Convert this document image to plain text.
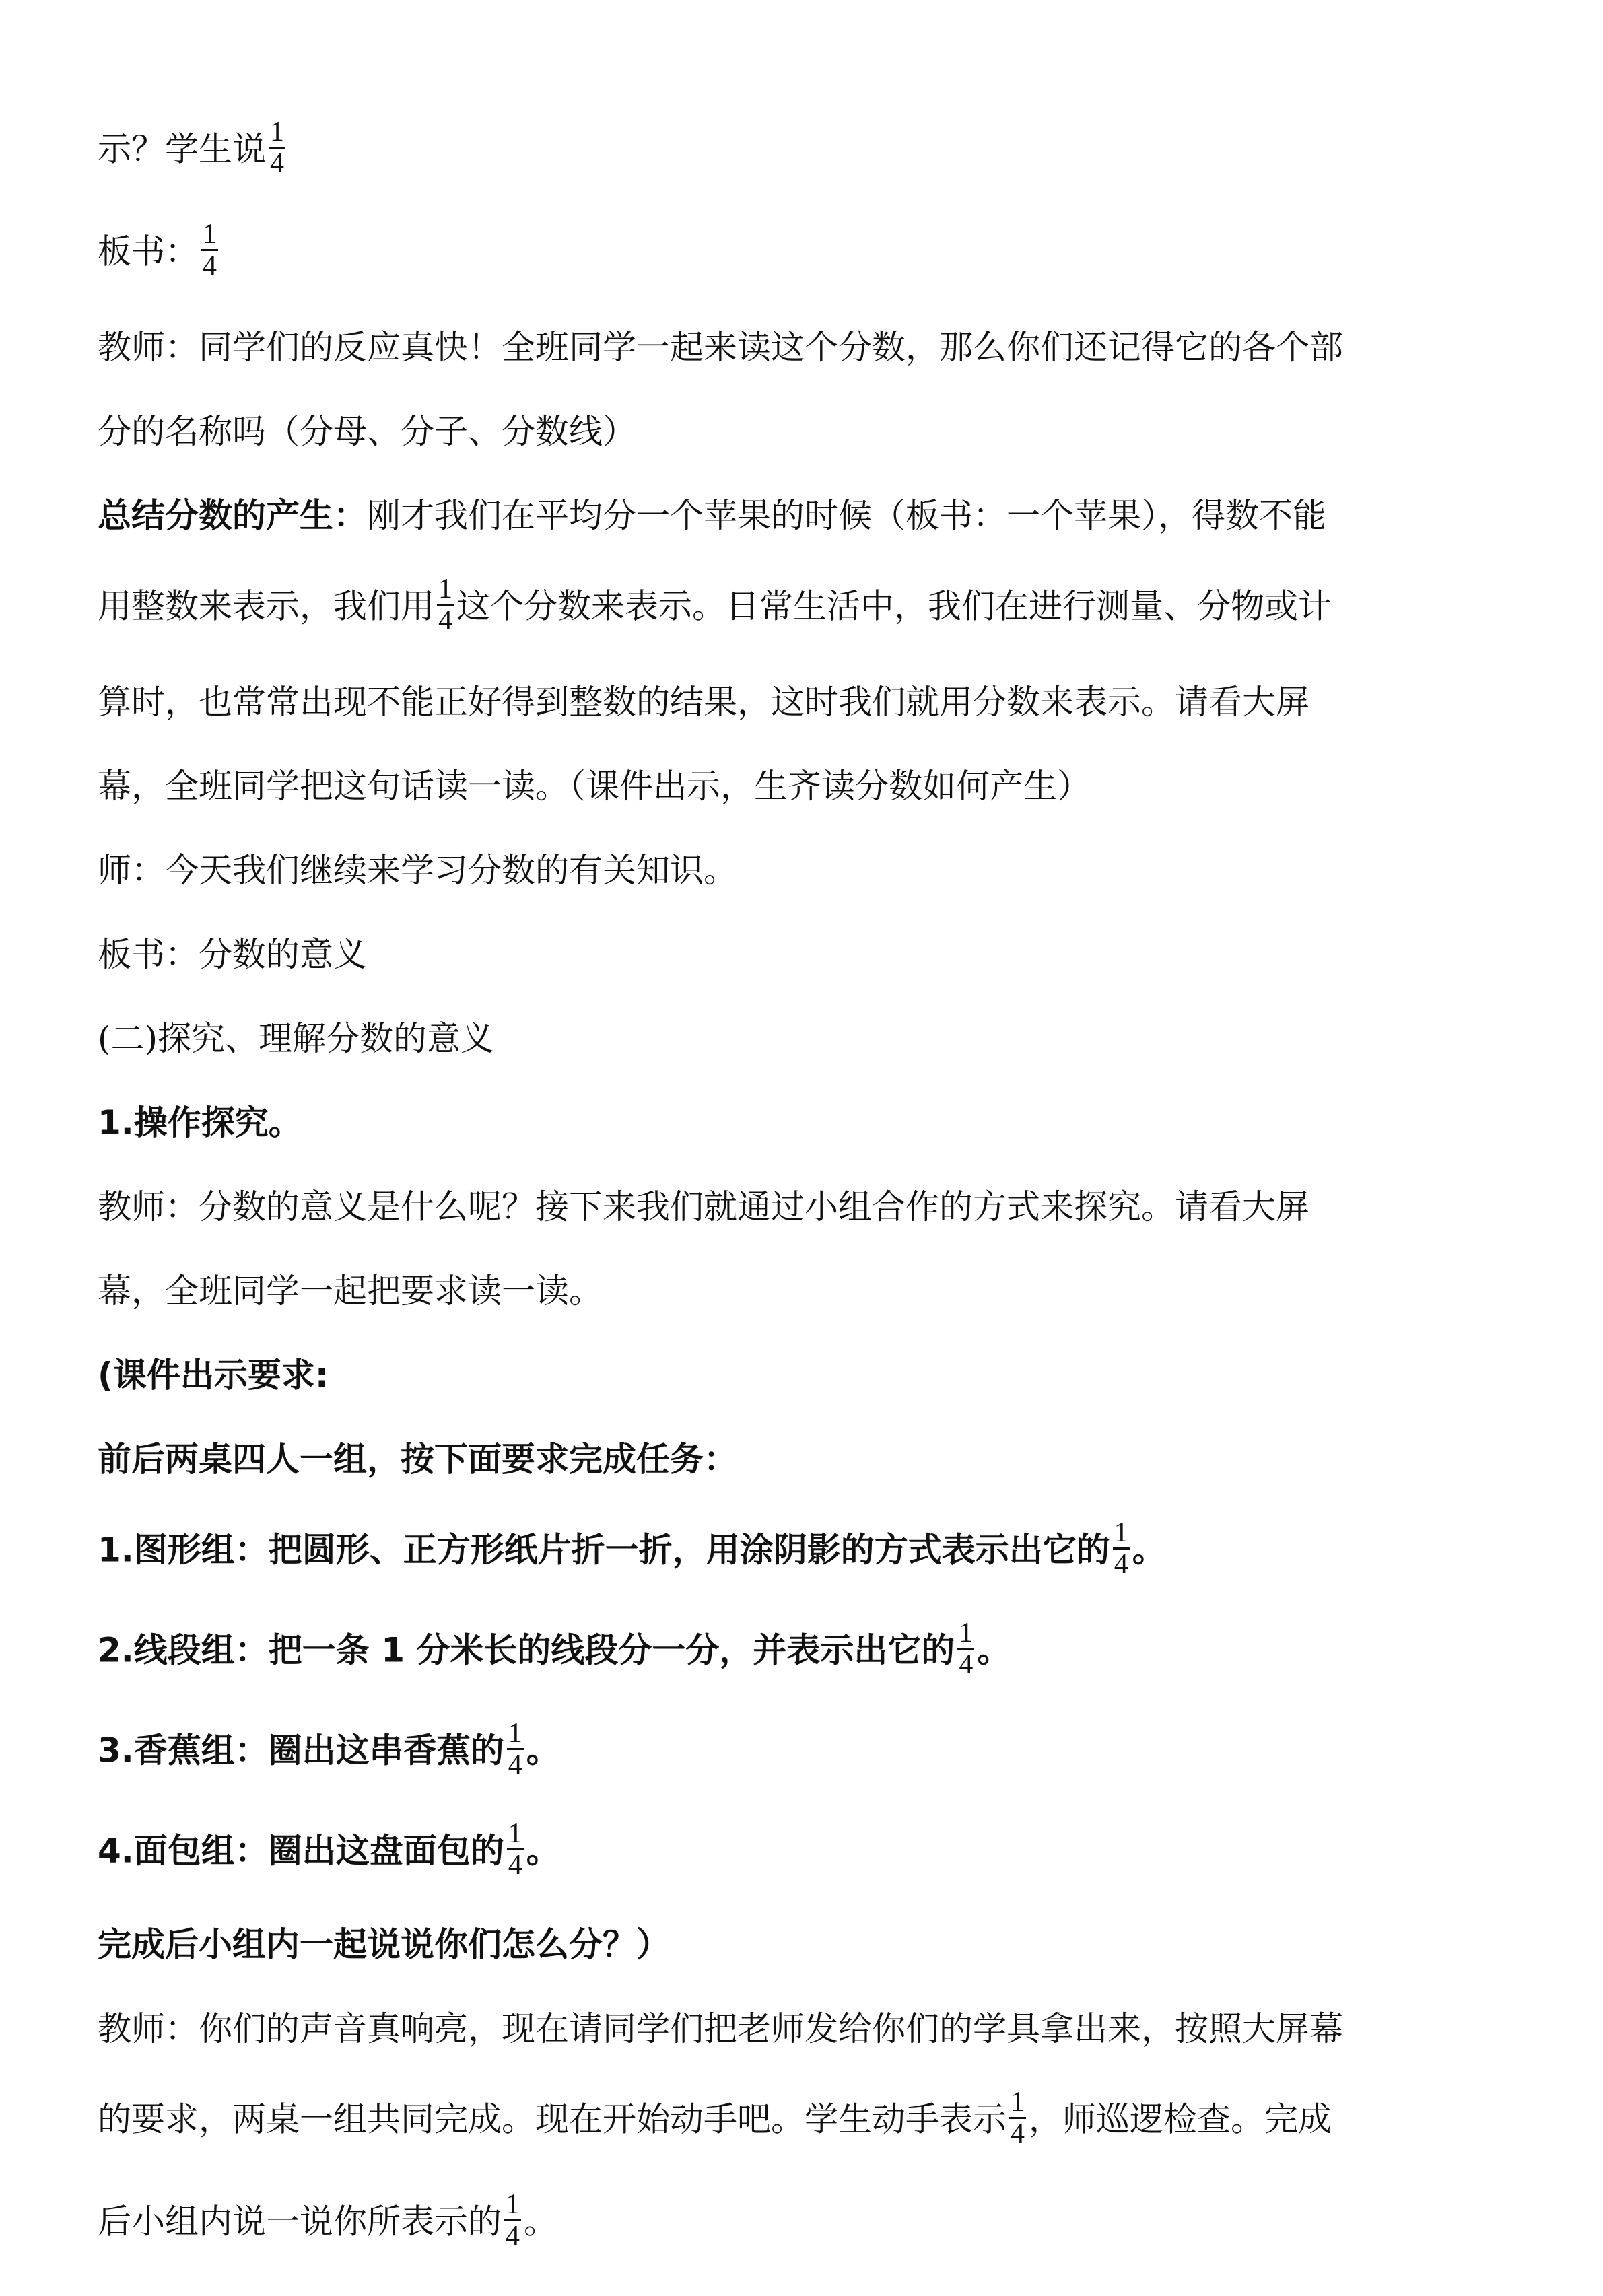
示？学生说 $\frac{1}{4}$
板书： $\frac{1}{4}$
教师：同学们的反应真快！全班同学一起来读这个分数，那么你们还记得它的各个部
分的名称吗（分母、分子、分数线）
总结分数的产生：刚才我们在平均分一个苹果的时候（板书：一个苹果），得数不能
用整数来表示，我们用 $\frac{1}{4}$ 这个分数来表示。日常生活中，我们在进行测量、分物或计
算时，也常常出现不能正好得到整数的结果，这时我们就用分数来表示。请看大屏
幕，全班同学把这句话读一读。（课件出示，生齐读分数如何产生）
师：今天我们继续来学习分数的有关知识。
板书：分数的意义
(二)探究、理解分数的意义
1.操作探究。
教师：分数的意义是什么呢？接下来我们就通过小组合作的方式来探究。请看大屏
幕，全班同学一起把要求读一读。
(课件出示要求:
前后两桌四人一组，按下面要求完成任务：
1.图形组：把圆形、正方形纸片折一折，用涂阴影的方式表示出它的 $\frac{1}{4}$ 。
2.线段组：把一条 1 分米长的线段分一分，并表示出它的 $\frac{1}{4}$ 。
3.香蕉组：圈出这串香蕉的 $\frac{1}{4}$ 。
4.面包组：圈出这盘面包的 $\frac{1}{4}$ 。
完成后小组内一起说说你们怎么分？）
教师：你们的声音真响亮，现在请同学们把老师发给你们的学具拿出来，按照大屏幕
的要求，两桌一组共同完成。现在开始动手吧。学生动手表示 $\frac{1}{4}$ ，师巡逻检查。完成
后小组内说一说你所表示的 $\frac{1}{4}$ 。
